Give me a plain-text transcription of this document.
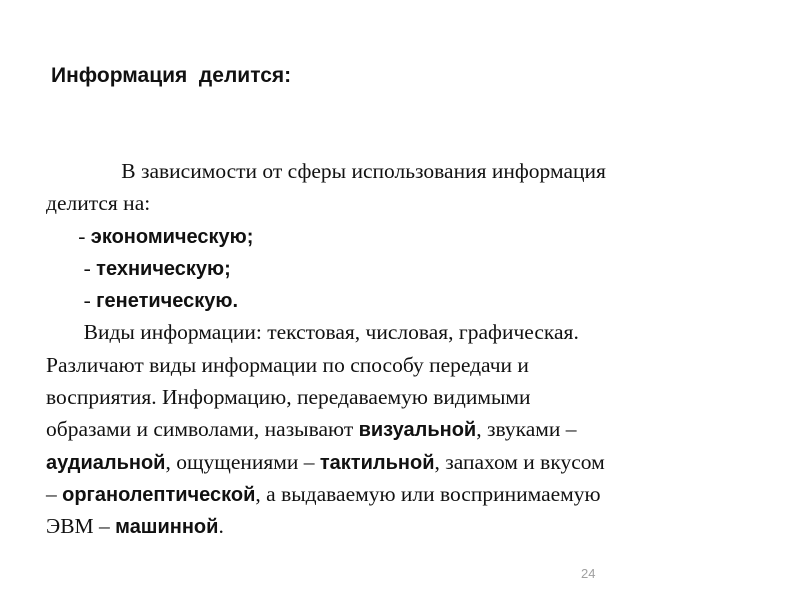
Информация  делится:
В зависимости от сферы использования информация
делится на:
- экономическую;
- техническую;
- генетическую.
Виды информации: текстовая, числовая, графическая.
Различают виды информации по способу передачи и
восприятия. Информацию, передаваемую видимыми
образами и символами, называют визуальной, звуками –
аудиальной, ощущениями – тактильной, запахом и вкусом
– органолептической, а выдаваемую или воспринимаемую
ЭВМ – машинной.
24
